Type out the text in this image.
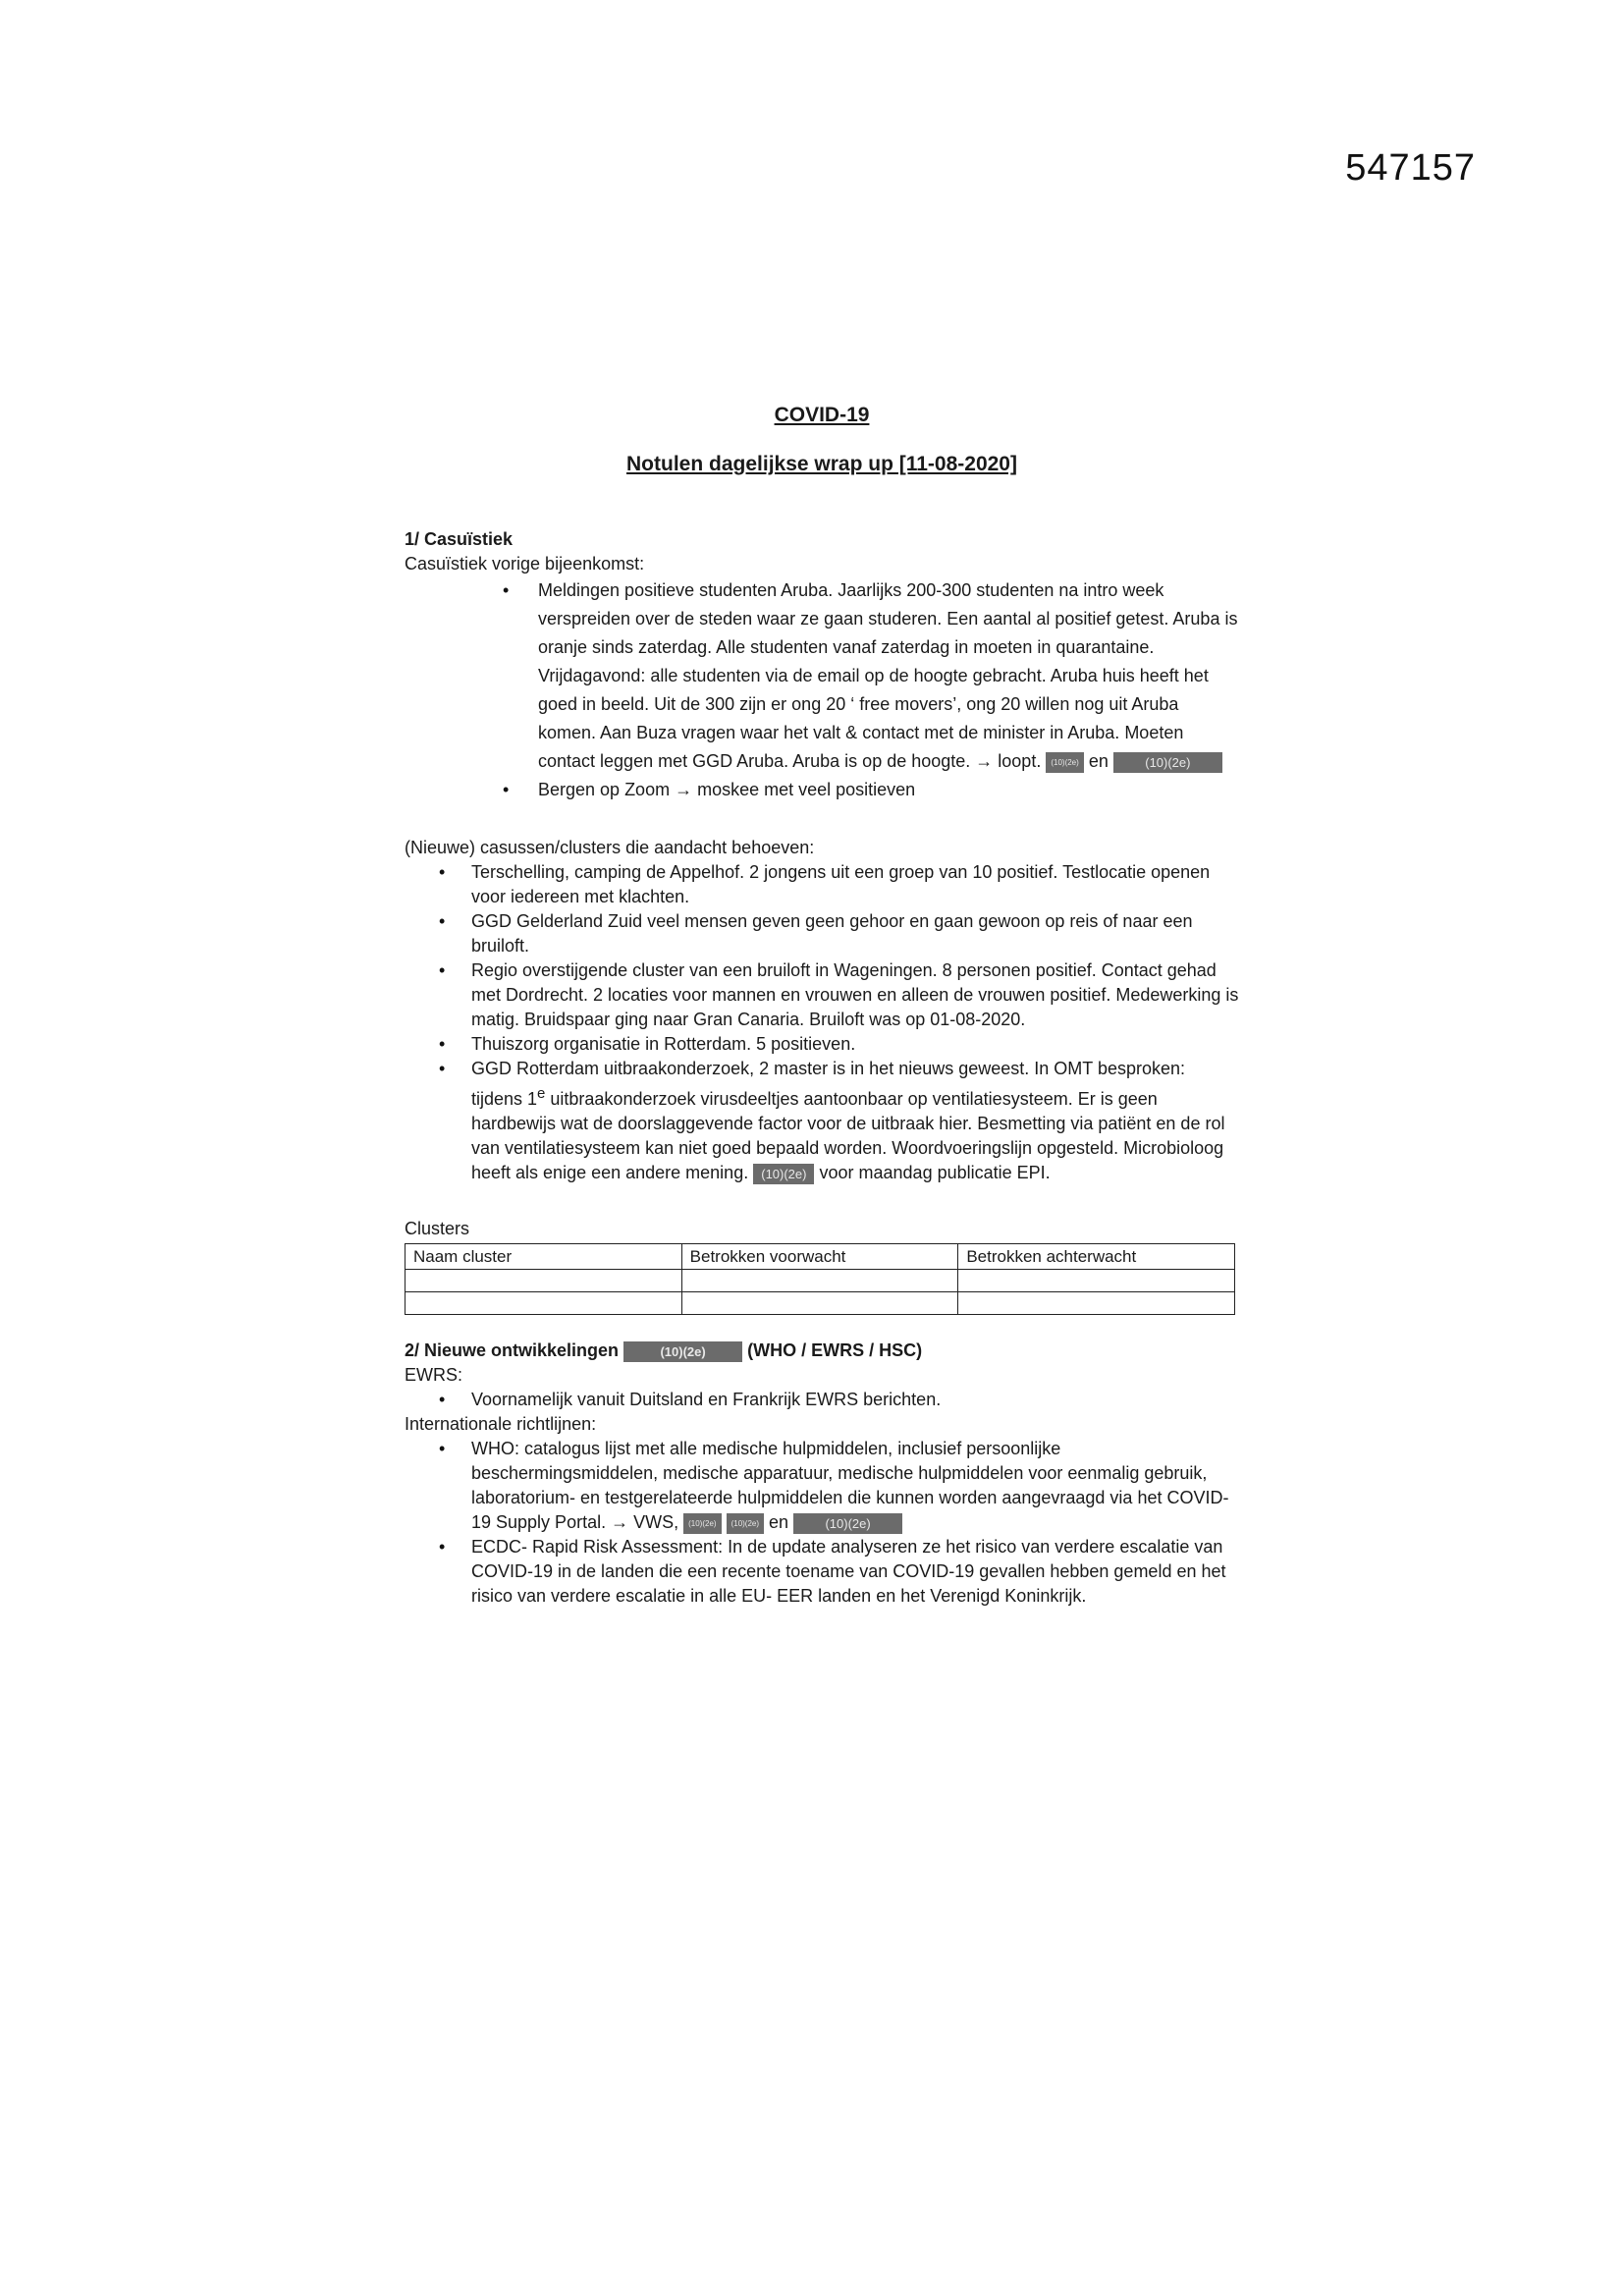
547157

COVID-19

Notulen dagelijkse wrap up [11-08-2020]

1/ Casuïstiek
Casuïstiek vorige bijeenkomst:
• Meldingen positieve studenten Aruba. Jaarlijks 200-300 studenten na intro week verspreiden over de steden waar ze gaan studeren. Een aantal al positief getest. Aruba is oranje sinds zaterdag. Alle studenten vanaf zaterdag in moeten in quarantaine. Vrijdagavond: alle studenten via de email op de hoogte gebracht. Aruba huis heeft het goed in beeld. Uit de 300 zijn er ong 20 ‘ free movers’, ong 20 willen nog uit Aruba komen. Aan Buza vragen waar het valt & contact met de minister in Aruba. Moeten contact leggen met GGD Aruba. Aruba is op de hoogte. → loopt. (10)(2e) en	(10)(2e)
• Bergen op Zoom → moskee met veel positieven
(Nieuwe) casussen/clusters die aandacht behoeven:
• Terschelling, camping de Appelhof. 2 jongens uit een groep van 10 positief. Testlocatie openen voor iedereen met klachten.
• GGD Gelderland Zuid veel mensen geven geen gehoor en gaan gewoon op reis of naar een bruiloft.
• Regio overstijgende cluster van een bruiloft in Wageningen. 8 personen positief. Contact gehad met Dordrecht. 2 locaties voor mannen en vrouwen en alleen de vrouwen positief. Medewerking is matig. Bruidspaar ging naar Gran Canaria. Bruiloft was op 01-08-2020.
• Thuiszorg organisatie in Rotterdam. 5 positieven.
• GGD Rotterdam uitbraakonderzoek, 2 master is in het nieuws geweest. In OMT besproken: tijdens 1e uitbraakonderzoek virusdeeltjes aantoonbaar op ventilatiesysteem. Er is geen hardbewijs wat de doorslaggevende factor voor de uitbraak hier. Besmetting via patiënt en de rol van ventilatiesysteem kan niet goed bepaald worden. Woordvoeringslijn opgesteld. Microbioloog heeft als enige een andere mening. (10)(2e) voor maandag publicatie EPI.
Clusters
Naam cluster	Betrokken voorwacht	Betrokken achterwacht

2/ Nieuwe ontwikkelingen	(10)(2e) (WHO / EWRS / HSC)
EWRS:
• Voornamelijk vanuit Duitsland en Frankrijk EWRS berichten.
Internationale richtlijnen:
• WHO: catalogus lijst met alle medische hulpmiddelen, inclusief persoonlijke beschermingsmiddelen, medische apparatuur, medische hulpmiddelen voor eenmalig gebruik, laboratorium- en testgerelateerde hulpmiddelen die kunnen worden aangevraagd via het COVID-19 Supply Portal. → VWS, (10)(2e) (10)(2e) en	(10)(2e)
• ECDC- Rapid Risk Assessment: In de update analyseren ze het risico van verdere escalatie van COVID-19 in de landen die een recente toename van COVID-19 gevallen hebben gemeld en het risico van verdere escalatie in alle EU- EER landen en het Verenigd Koninkrijk.
